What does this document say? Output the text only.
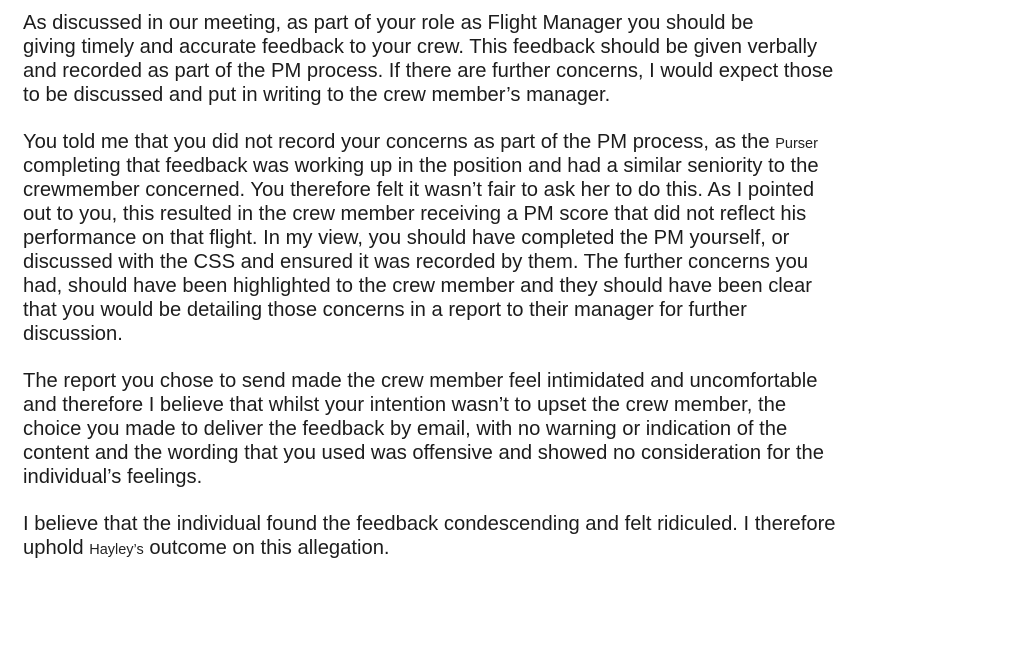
As discussed in our meeting, as part of your role as Flight Manager you should be
giving timely and accurate feedback to your crew. This feedback should be given verbally
and recorded as part of the PM process. If there are further concerns, I would expect those
to be discussed and put in writing to the crew member’s manager.

You told me that you did not record your concerns as part of the PM process, as the Purser
completing that feedback was working up in the position and had a similar seniority to the
crewmember concerned. You therefore felt it wasn’t fair to ask her to do this. As I pointed
out to you, this resulted in the crew member receiving a PM score that did not reflect his
performance on that flight. In my view, you should have completed the PM yourself, or
discussed with the CSS and ensured it was recorded by them. The further concerns you
had, should have been highlighted to the crew member and they should have been clear
that you would be detailing those concerns in a report to their manager for further
discussion.

The report you chose to send made the crew member feel intimidated and uncomfortable
and therefore I believe that whilst your intention wasn’t to upset the crew member, the
choice you made to deliver the feedback by email, with no warning or indication of the
content and the wording that you used was offensive and showed no consideration for the
individual’s feelings.

I believe that the individual found the feedback condescending and felt ridiculed. I therefore
uphold Hayley’s outcome on this allegation.
